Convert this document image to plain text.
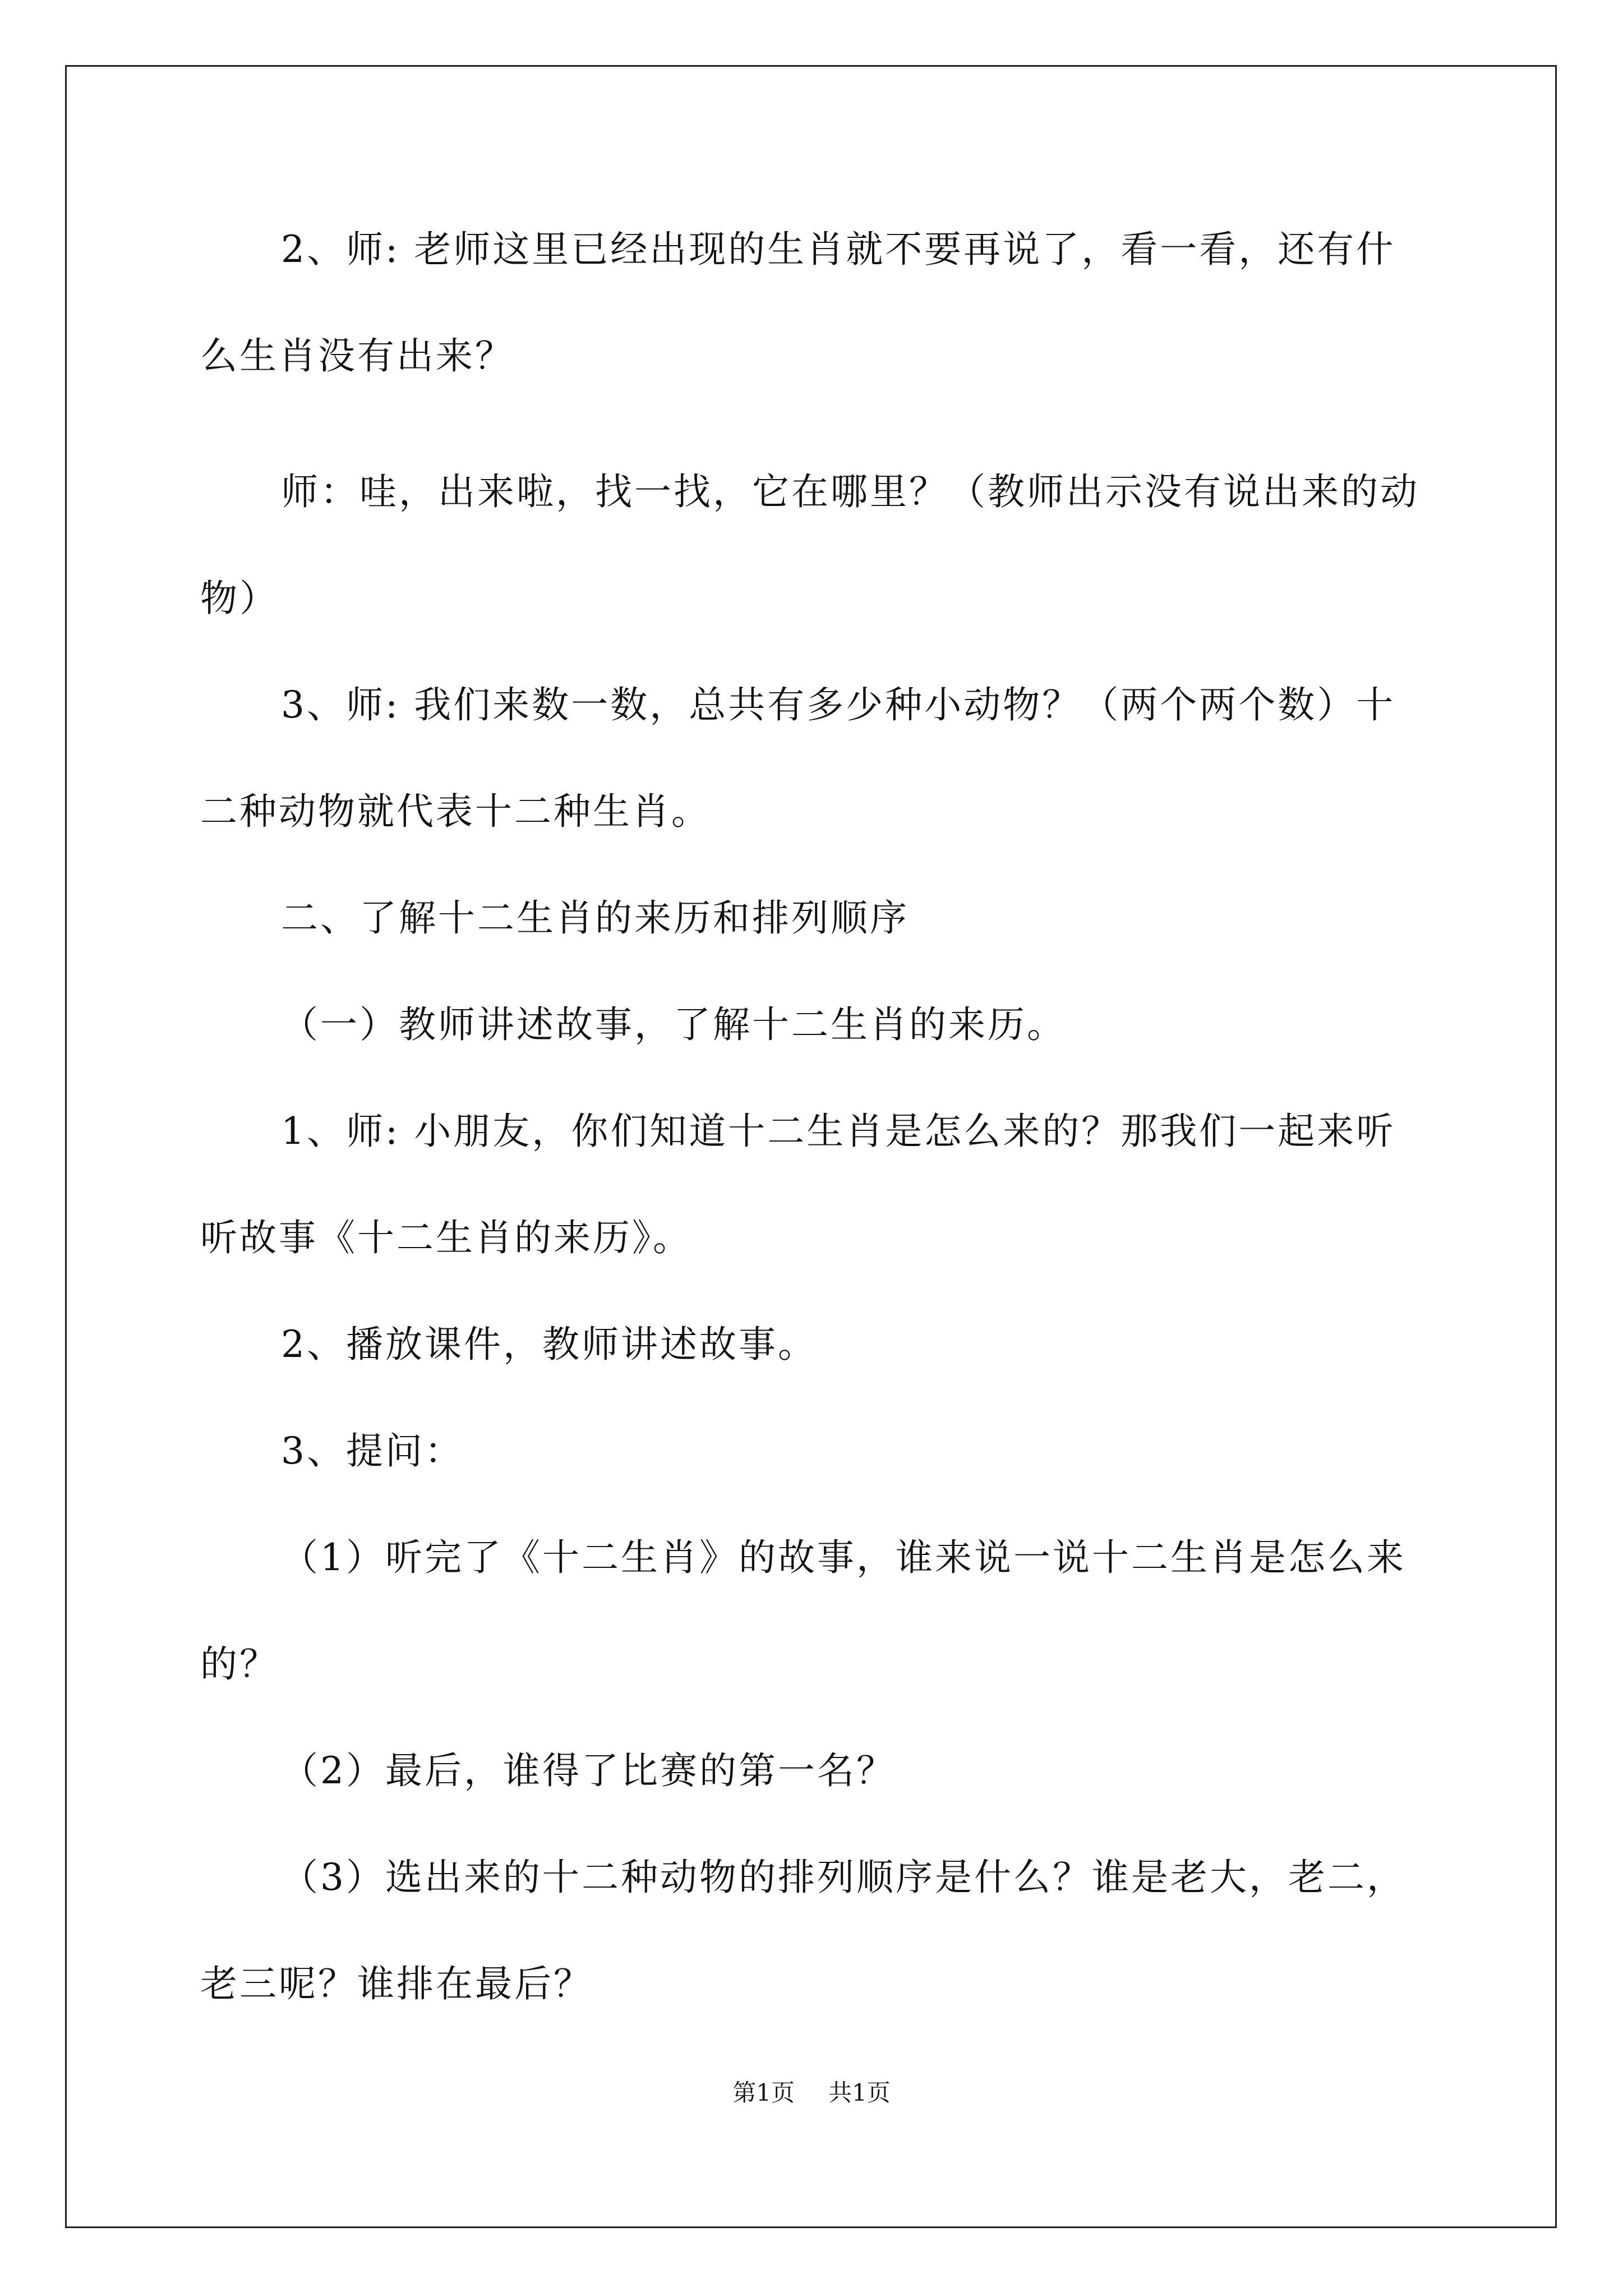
2、师: 老师这里已经出现的生肖就不要再说了，看一看，还有什么生肖没有出来？

师：哇，出来啦，找一找，它在哪里？（教师出示没有说出来的动物）

3、师: 我们来数一数，总共有多少种小动物？（两个两个数）十二种动物就代表十二种生肖。

二、了解十二生肖的来历和排列顺序

（一）教师讲述故事，了解十二生肖的来历。

1、师: 小朋友，你们知道十二生肖是怎么来的？那我们一起来听听故事《十二生肖的来历》。

2、播放课件，教师讲述故事。

3、提问：

（1）听完了《十二生肖》的故事，谁来说一说十二生肖是怎么来的？

（2）最后，谁得了比赛的第一名？

（3）选出来的十二种动物的排列顺序是什么？谁是老大，老二，老三呢？谁排在最后？

第1页 共1页
